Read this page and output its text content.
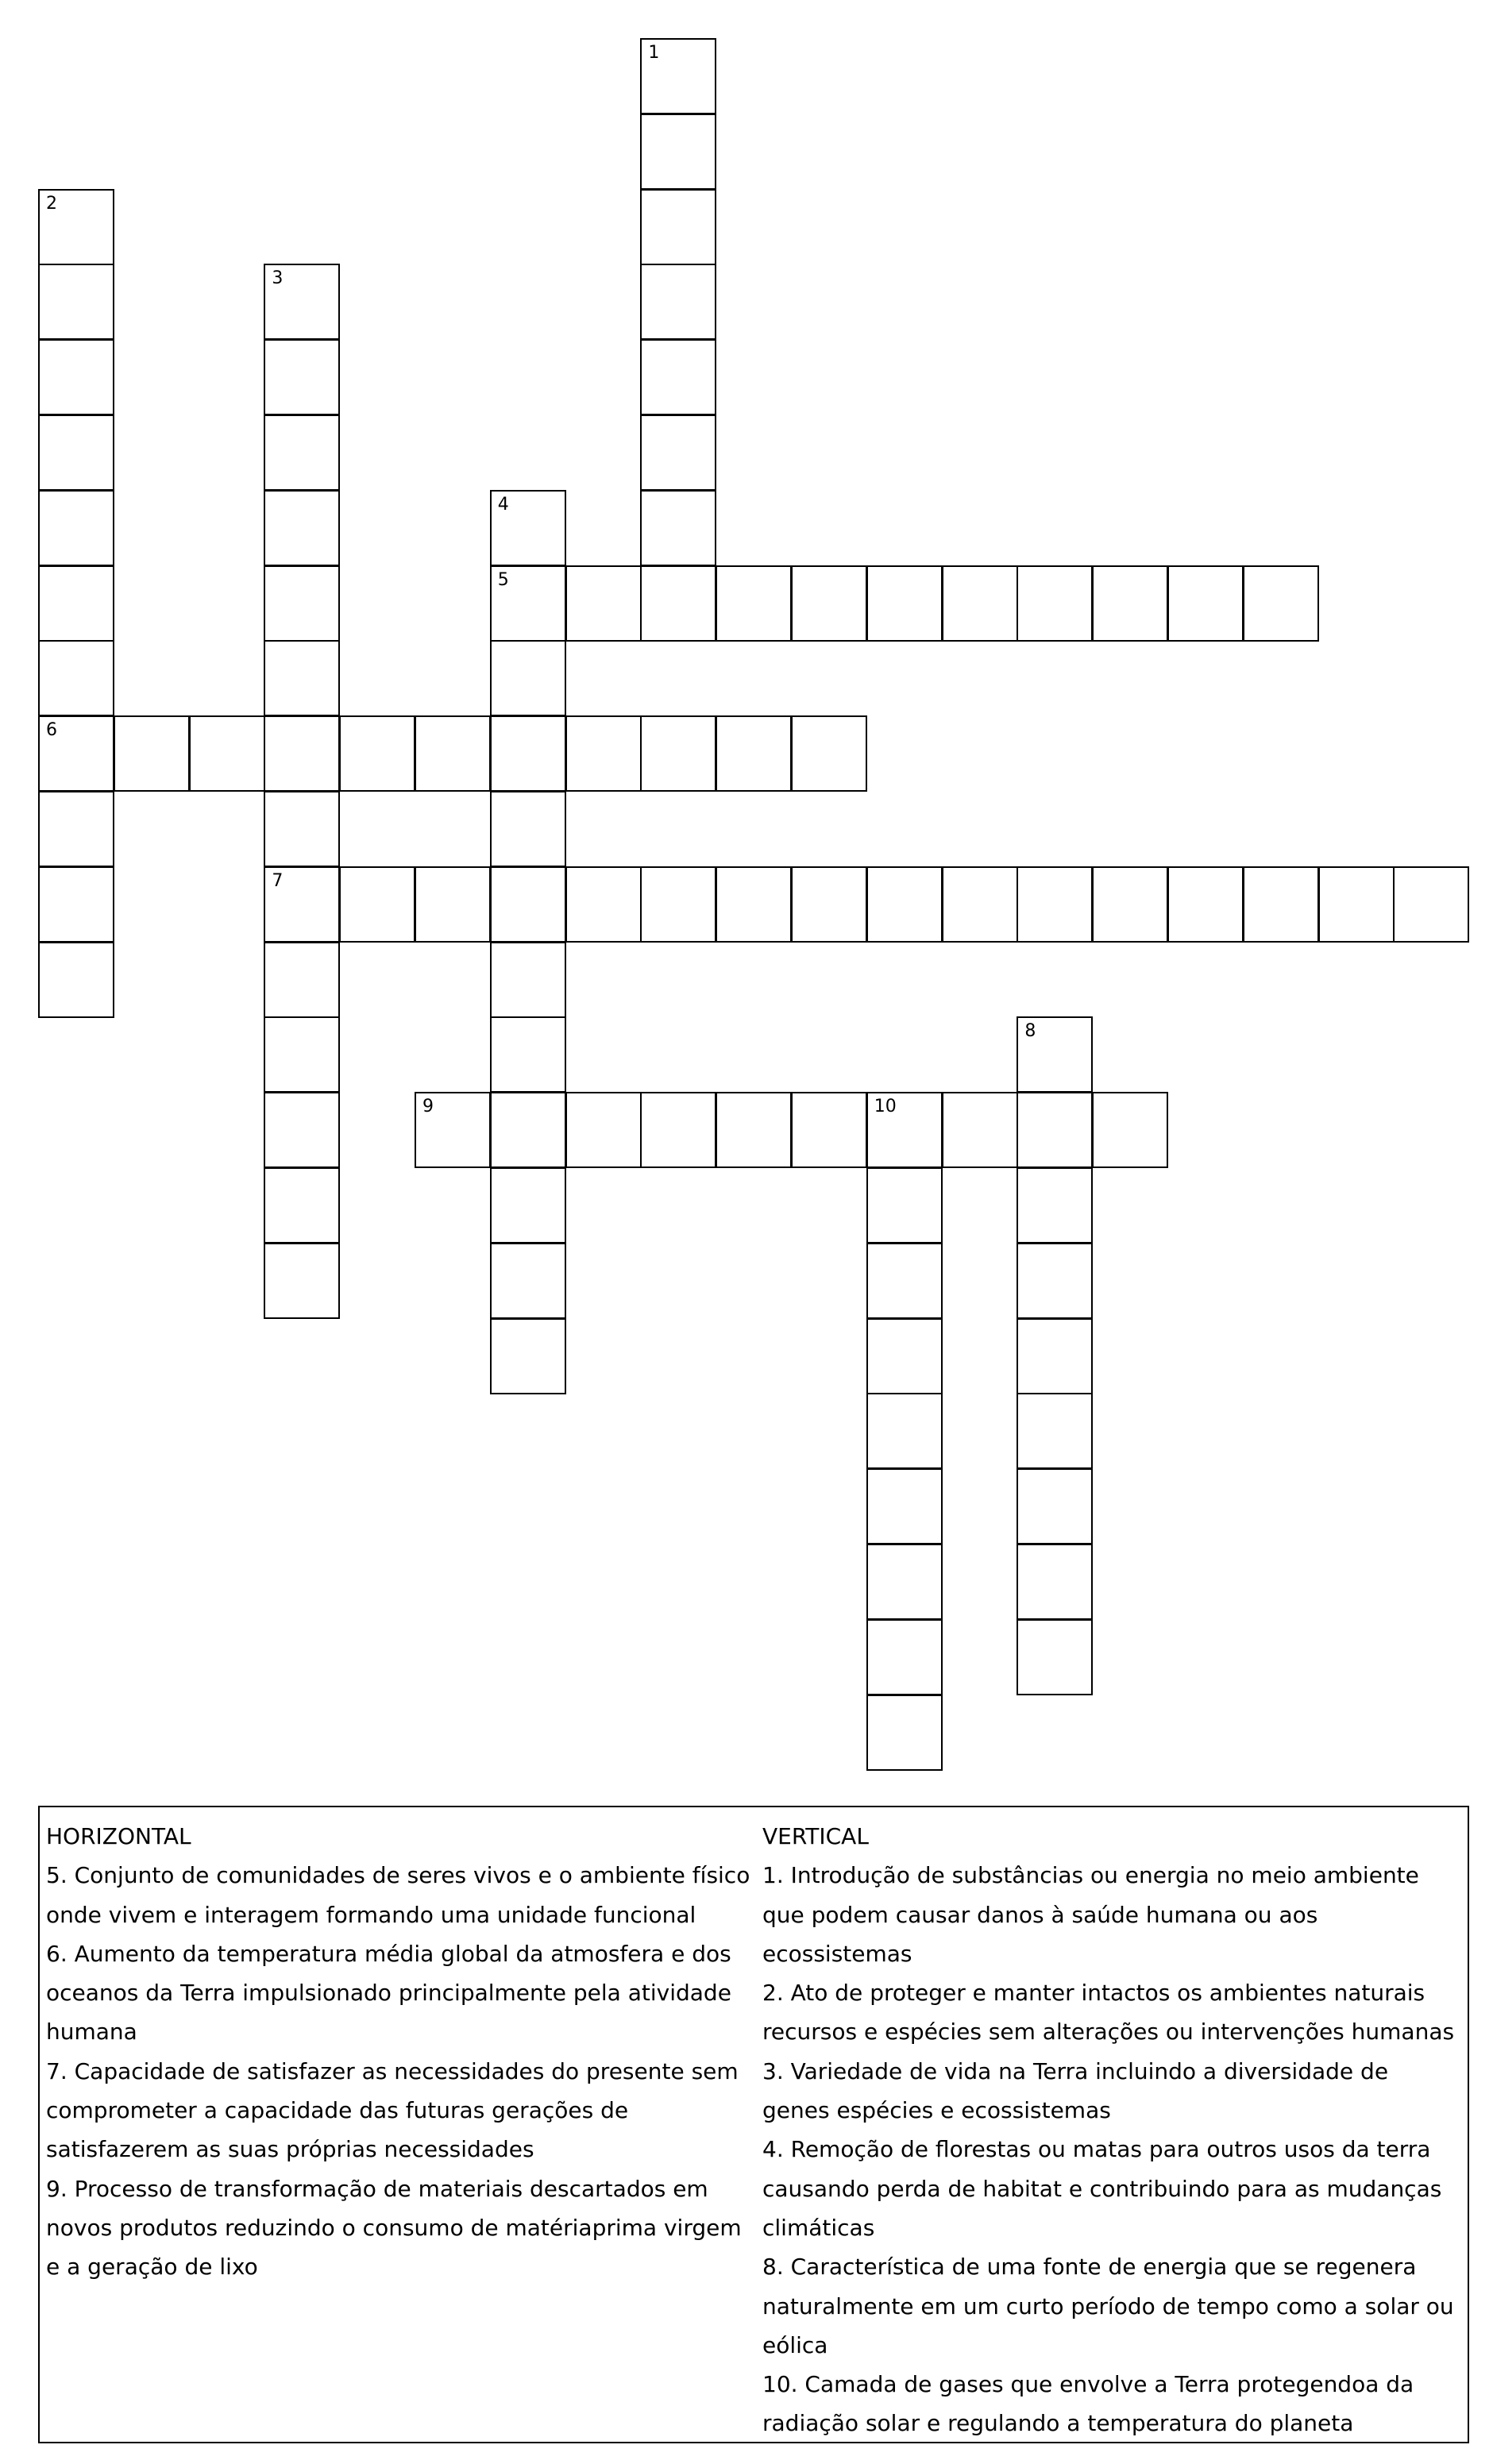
1
2
6
3
7
4
5
8
9	10

HORIZONTAL

5. Conjunto de comunidades de seres vivos e o ambiente físico onde vivem e interagem formando uma unidade funcional

6. Aumento da temperatura média global da atmosfera e dos oceanos da Terra impulsionado principalmente pela atividade humana

7. Capacidade de satisfazer as necessidades do presente sem comprometer a capacidade das futuras gerações de satisfazerem as suas próprias necessidades

9. Processo de transformação de materiais descartados em novos produtos reduzindo o consumo de matériaprima virgem e a geração de lixo

VERTICAL

1. Introdução de substâncias ou energia no meio ambiente que podem causar danos à saúde humana ou aos ecossistemas

2. Ato de proteger e manter intactos os ambientes naturais recursos e espécies sem alterações ou intervenções humanas

3. Variedade de vida na Terra incluindo a diversidade de genes espécies e ecossistemas

4. Remoção de florestas ou matas para outros usos da terra causando perda de habitat e contribuindo para as mudanças climáticas

8. Característica de uma fonte de energia que se regenera naturalmente em um curto período de tempo como a solar ou eólica

10. Camada de gases que envolve a Terra protegendoa da radiação solar e regulando a temperatura do planeta
